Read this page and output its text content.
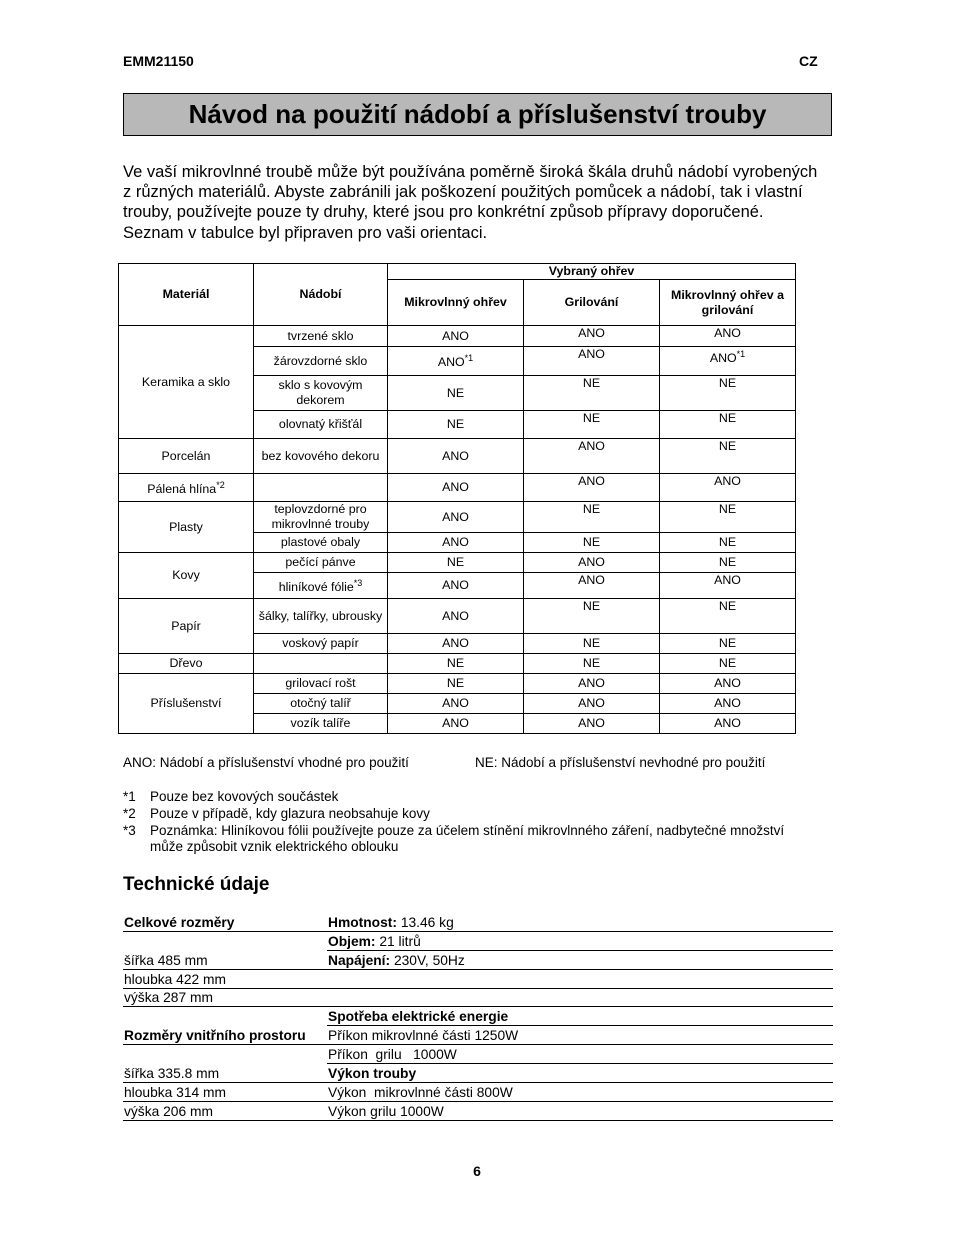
EMM21150	CZ
Návod na použití nádobí a příslušenství trouby
Ve vaší mikrovlnné troubě může být používána poměrně široká škála druhů nádobí vyrobených z různých materiálů. Abyste zabránili jak poškození použitých pomůcek a nádobí, tak i vlastní trouby, používejte pouze ty druhy, které jsou pro konkrétní způsob přípravy doporučené. Seznam v tabulce byl připraven pro vaši orientaci.
Materiál	Nádobí	Vybraný ohřev		
		Mikrovlnný ohřev	Grilování	Mikrovlnný ohřev a grilování
Keramika a sklo	tvrzené sklo	ANO	ANO	ANO
	žárovzdorné sklo	ANO$^{*1}$	ANO	ANO$^{*1}$
	sklo s kovovým dekorem	NE	NE	NE
	olovnatý křišťál	NE	NE	NE
Porcelán	bez kovového dekoru	ANO	ANO	NE
Pálená hlína$^{*2}$		ANO	ANO	ANO
Plasty	teplovzdorné pro mikrovlnné trouby	ANO	NE	NE
	plastové obaly	ANO	NE	NE
Kovy	pečící pánve	NE	ANO	NE
	hliníkové fólie$^{*3}$	ANO	ANO	ANO
Papír	šálky, talířky, ubrousky	ANO	NE	NE
	voskový papír	ANO	NE	NE
Dřevo		NE	NE	NE
Příslušenství	grilovací rošt	NE	ANO	ANO
	otočný talíř	ANO	ANO	ANO
	vozík talíře	ANO	ANO	ANO
ANO: Nádobí a příslušenství vhodné pro použití	NE: Nádobí a příslušenství nevhodné pro použití
*1	Pouze bez kovových součástek
*2	Pouze v případě, kdy glazura neobsahuje kovy
*3	Poznámka: Hliníkovou fólii používejte pouze za účelem stínění mikrovlnného záření, nadbytečné množství může způsobit vznik elektrického oblouku
Technické údaje
Celkové rozměry	Hmotnost: 13.46 kg
	Objem: 21 litrů
šířka 485 mm	Napájení: 230V, 50Hz
hloubka 422 mm	
výška 287 mm	
	Spotřeba elektrické energie
Rozměry vnitřního prostoru	Příkon mikrovlnné části 1250W
	Příkon  grilu   1000W
šířka 335.8 mm	Výkon trouby
hloubka 314 mm	Výkon  mikrovlnné části 800W
výška 206 mm	Výkon grilu 1000W
6
